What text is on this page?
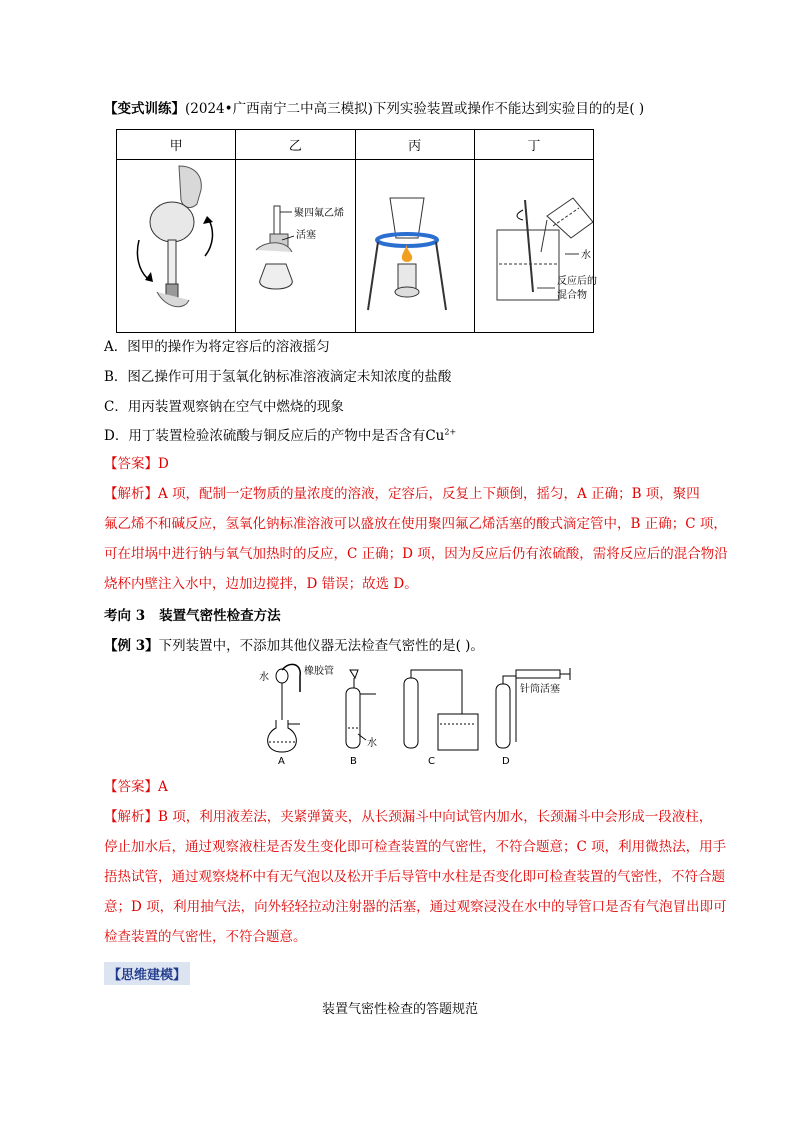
【变式训练】(2024•广西南宁二中高三模拟)下列实验装置或操作不能达到实验目的的是( )
甲	乙	丙	丁

聚四氟乙烯
活塞		水
反应后的
混合物
A．图甲的操作为将定容后的溶液摇匀
B．图乙操作可用于氢氧化钠标准溶液滴定未知浓度的盐酸
C．用丙装置观察钠在空气中燃烧的现象
D．用丁装置检验浓硫酸与铜反应后的产物中是否含有$Cu^{2+}$
【答案】D
【解析】A 项，配制一定物质的量浓度的溶液，定容后，反复上下颠倒，摇匀，A 正确；B 项，聚四
氟乙烯不和碱反应，氢氧化钠标准溶液可以盛放在使用聚四氟乙烯活塞的酸式滴定管中，B 正确；C 项，
可在坩埚中进行钠与氧气加热时的反应，C 正确；D 项，因为反应后仍有浓硫酸，需将反应后的混合物沿
烧杯内壁注入水中，边加边搅拌，D 错误；故选 D。
考向 3 装置气密性检查方法
【例 3】下列装置中，不添加其他仪器无法检查气密性的是( )。
水
橡胶管
A
水
B	C
针筒活塞
D
【答案】A
【解析】B 项，利用液差法，夹紧弹簧夹，从长颈漏斗中向试管内加水，长颈漏斗中会形成一段液柱，
停止加水后，通过观察液柱是否发生变化即可检查装置的气密性，不符合题意；C 项，利用微热法，用手
捂热试管，通过观察烧杯中有无气泡以及松开手后导管中水柱是否变化即可检查装置的气密性，不符合题
意；D 项，利用抽气法，向外轻轻拉动注射器的活塞，通过观察浸没在水中的导管口是否有气泡冒出即可
检查装置的气密性，不符合题意。
【思维建模】
装置气密性检查的答题规范
